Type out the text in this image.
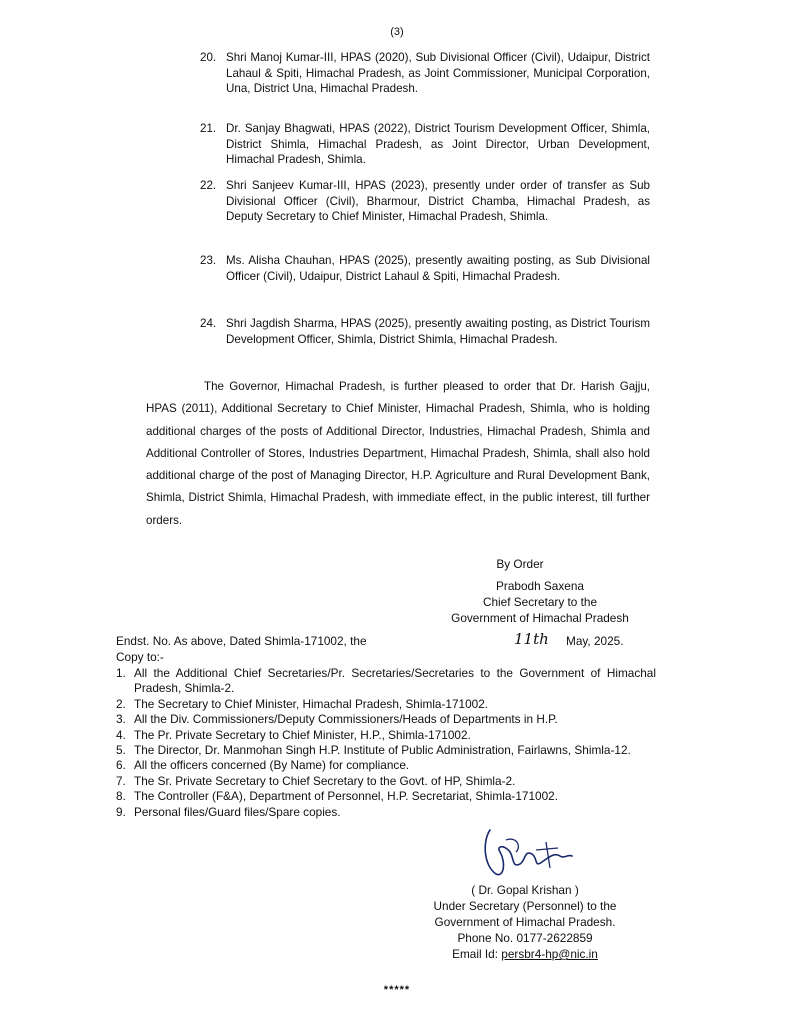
(3)
20. Shri Manoj Kumar-III, HPAS (2020), Sub Divisional Officer (Civil), Udaipur, District Lahaul & Spiti, Himachal Pradesh, as Joint Commissioner, Municipal Corporation, Una, District Una, Himachal Pradesh.
21. Dr. Sanjay Bhagwati, HPAS (2022), District Tourism Development Officer, Shimla, District Shimla, Himachal Pradesh, as Joint Director, Urban Development, Himachal Pradesh, Shimla.
22. Shri Sanjeev Kumar-III, HPAS (2023), presently under order of transfer as Sub Divisional Officer (Civil), Bharmour, District Chamba, Himachal Pradesh, as Deputy Secretary to Chief Minister, Himachal Pradesh, Shimla.
23. Ms. Alisha Chauhan, HPAS (2025), presently awaiting posting, as Sub Divisional Officer (Civil), Udaipur, District Lahaul & Spiti, Himachal Pradesh.
24. Shri Jagdish Sharma, HPAS (2025), presently awaiting posting, as District Tourism Development Officer, Shimla, District Shimla, Himachal Pradesh.
The Governor, Himachal Pradesh, is further pleased to order that Dr. Harish Gajju, HPAS (2011), Additional Secretary to Chief Minister, Himachal Pradesh, Shimla, who is holding additional charges of the posts of Additional Director, Industries, Himachal Pradesh, Shimla and Additional Controller of Stores, Industries Department, Himachal Pradesh, Shimla, shall also hold additional charge of the post of Managing Director, H.P. Agriculture and Rural Development Bank, Shimla, District Shimla, Himachal Pradesh, with immediate effect, in the public interest, till further orders.
By Order
Prabodh Saxena
Chief Secretary to the
Government of Himachal Pradesh
Endst. No. As above, Dated Shimla-171002, the	11th May, 2025.
Copy to:-
1. All the Additional Chief Secretaries/Pr. Secretaries/Secretaries to the Government of Himachal Pradesh, Shimla-2.
2. The Secretary to Chief Minister, Himachal Pradesh, Shimla-171002.
3. All the Div. Commissioners/Deputy Commissioners/Heads of Departments in H.P.
4. The Pr. Private Secretary to Chief Minister, H.P., Shimla-171002.
5. The Director, Dr. Manmohan Singh H.P. Institute of Public Administration, Fairlawns, Shimla-12.
6. All the officers concerned (By Name) for compliance.
7. The Sr. Private Secretary to Chief Secretary to the Govt. of HP, Shimla-2.
8. The Controller (F&A), Department of Personnel, H.P. Secretariat, Shimla-171002.
9. Personal files/Guard files/Spare copies.
( Dr. Gopal Krishan )
Under Secretary (Personnel) to the
Government of Himachal Pradesh.
Phone No. 0177-2622859
Email Id: persbr4-hp@nic.in
*****
